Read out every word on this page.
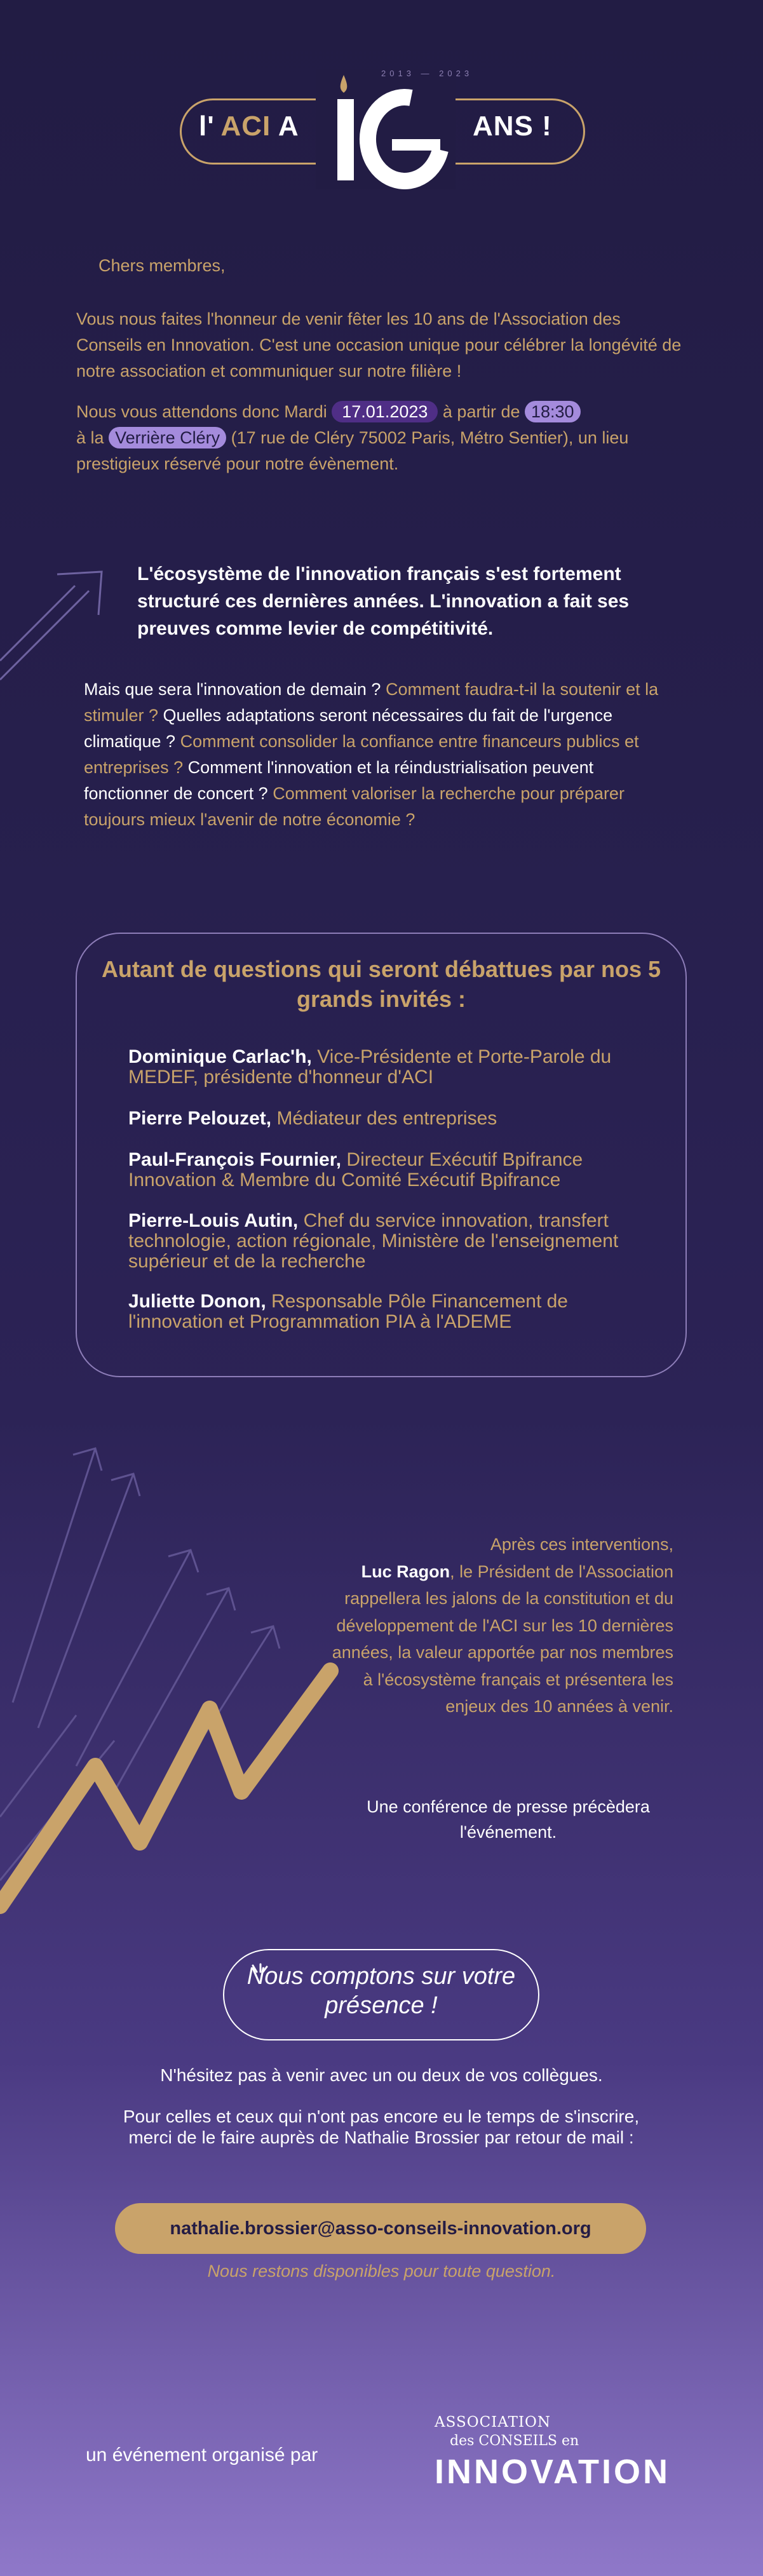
l'  ACI A
2013 — 2023
ANS !
Chers membres,
Vous nous faites l'honneur de venir fêter les 10 ans de l'Association des Conseils en Innovation. C'est une occasion unique pour célébrer la longévité de notre association et communiquer sur notre filière !
Nous vous attendons donc Mardi 17.01.2023 à partir de 18:30
à la Verrière Cléry (17 rue de Cléry 75002 Paris, Métro Sentier), un lieu prestigieux réservé pour notre évènement.
L'écosystème de l'innovation français s'est fortement structuré ces dernières années. L'innovation a fait ses preuves comme levier de compétitivité.
Mais que sera l'innovation de demain ? Comment faudra-t-il la soutenir et la stimuler ? Quelles adaptations seront nécessaires du fait de l'urgence climatique ? Comment consolider la confiance entre financeurs publics et entreprises ? Comment l'innovation et la réindustrialisation peuvent fonctionner de concert ? Comment valoriser la recherche pour préparer toujours mieux l'avenir de notre économie ?
Autant de questions qui seront débattues par nos 5 grands invités :
Dominique Carlac'h, Vice-Présidente et Porte-Parole du MEDEF, présidente d'honneur d'ACI
Pierre Pelouzet, Médiateur des entreprises
Paul-François Fournier, Directeur Exécutif Bpifrance Innovation & Membre du Comité Exécutif Bpifrance
Pierre-Louis Autin, Chef du service innovation, transfert technologie, action régionale, Ministère de l'enseignement supérieur et de la recherche
Juliette Donon, Responsable Pôle Financement de l'innovation et Programmation PIA à l'ADEME
Après ces interventions,
Luc Ragon, le Président de l'Association rappellera les jalons de la constitution et du développement de l'ACI sur les 10 dernières années, la valeur apportée par nos membres à l'écosystème français et présentera les enjeux des 10 années à venir.
Une conférence de presse précèdera l'événement.
Nous comptons sur votre présence !
N'hésitez pas à venir avec un ou deux de vos collègues.
Pour celles et ceux qui n'ont pas encore eu le temps de s'inscrire, merci de le faire auprès de Nathalie Brossier par retour de mail :
nathalie.brossier@asso-conseils-innovation.org
Nous restons disponibles pour toute question.
un événement organisé par
ASSOCIATION
des CONSEILS en
INNOVATION
